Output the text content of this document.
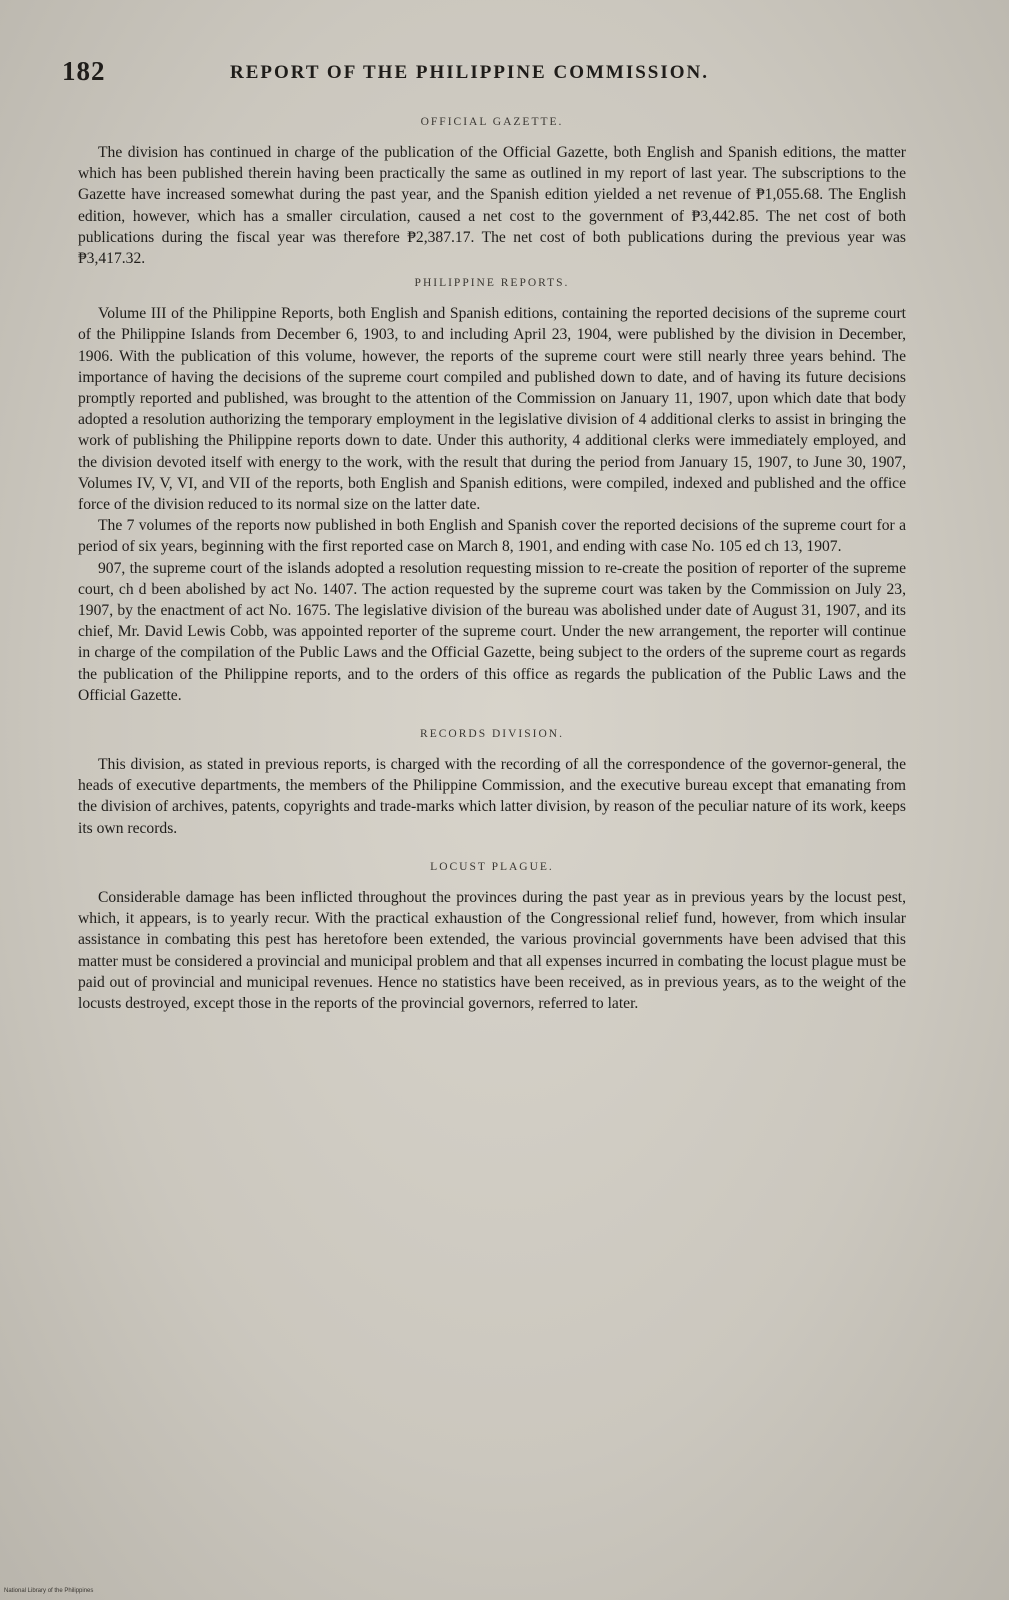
182	REPORT OF THE PHILIPPINE COMMISSION.
OFFICIAL GAZETTE.

The division has continued in charge of the publication of the Official Gazette, both English and Spanish editions, the matter which has been published therein having been practically the same as outlined in my report of last year. The subscriptions to the Gazette have increased somewhat during the past year, and the Spanish edition yielded a net revenue of ₱1,055.68. The English edition, however, which has a smaller circulation, caused a net cost to the government of ₱3,442.85. The net cost of both publications during the fiscal year was therefore ₱2,387.17. The net cost of both publications during the previous year was ₱3,417.32.

PHILIPPINE REPORTS.

Volume III of the Philippine Reports, both English and Spanish editions, containing the reported decisions of the supreme court of the Philippine Islands from December 6, 1903, to and including April 23, 1904, were published by the division in December, 1906. With the publication of this volume, however, the reports of the supreme court were still nearly three years behind. The importance of having the decisions of the supreme court compiled and published down to date, and of having its future decisions promptly reported and published, was brought to the attention of the Commission on January 11, 1907, upon which date that body adopted a resolution authorizing the temporary employment in the legislative division of 4 additional clerks to assist in bringing the work of publishing the Philippine reports down to date. Under this authority, 4 additional clerks were immediately employed, and the division devoted itself with energy to the work, with the result that during the period from January 15, 1907, to June 30, 1907, Volumes IV, V, VI, and VII of the reports, both English and Spanish editions, were compiled, indexed and published and the office force of the division reduced to its normal size on the latter date.

The 7 volumes of the reports now published in both English and Spanish cover the reported decisions of the supreme court for a period of six years, beginning with the first reported case on March 8, 1901, and ending with case No. 105 ed ch 13, 1907.

907, the supreme court of the islands adopted a resolution requesting mission to re-create the position of reporter of the supreme court, ch d been abolished by act No. 1407. The action requested by the supreme court was taken by the Commission on July 23, 1907, by the enactment of act No. 1675. The legislative division of the bureau was abolished under date of August 31, 1907, and its chief, Mr. David Lewis Cobb, was appointed reporter of the supreme court. Under the new arrangement, the reporter will continue in charge of the compilation of the Public Laws and the Official Gazette, being subject to the orders of the supreme court as regards the publication of the Philippine reports, and to the orders of this office as regards the publication of the Public Laws and the Official Gazette.

RECORDS DIVISION.

This division, as stated in previous reports, is charged with the recording of all the correspondence of the governor-general, the heads of executive departments, the members of the Philippine Commission, and the executive bureau except that emanating from the division of archives, patents, copyrights and trade-marks which latter division, by reason of the peculiar nature of its work, keeps its own records.

LOCUST PLAGUE.

Considerable damage has been inflicted throughout the provinces during the past year as in previous years by the locust pest, which, it appears, is to yearly recur. With the practical exhaustion of the Congressional relief fund, however, from which insular assistance in combating this pest has heretofore been extended, the various provincial governments have been advised that this matter must be considered a provincial and municipal problem and that all expenses incurred in combating the locust plague must be paid out of provincial and municipal revenues. Hence no statistics have been received, as in previous years, as to the weight of the locusts destroyed, except those in the reports of the provincial governors, referred to later.

National Library of the Philippines
